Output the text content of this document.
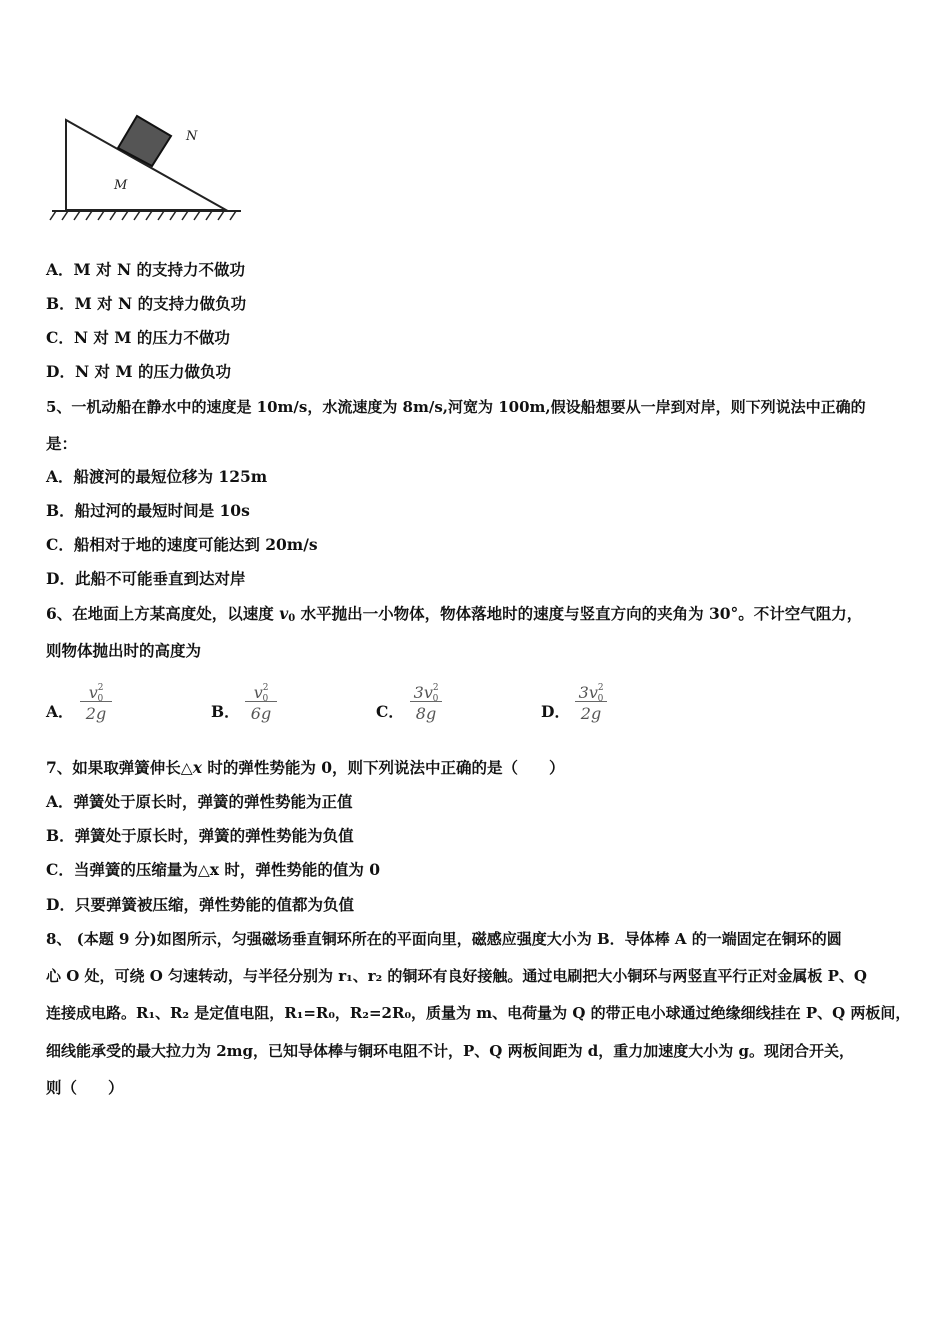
N
M
A．M 对 N 的支持力不做功
B．M 对 N 的支持力做负功
C．N 对 M 的压力不做功
D．N 对 M 的压力做负功
5、一机动船在静水中的速度是 10m/s，水流速度为 8m/s,河宽为 100m,假设船想要从一岸到对岸，则下列说法中正确的
是：
A．船渡河的最短位移为 125m
B．船过河的最短时间是 10s
C．船相对于地的速度可能达到 20m/s
D．此船不可能垂直到达对岸
6、在地面上方某高度处，以速度 $v_0$ 水平抛出一小物体，物体落地时的速度与竖直方向的夹角为 30°。不计空气阻力，
则物体抛出时的高度为
A．
$v^2_0$
2g	B．
$v^2_0$
6g	C．
$3v^2_0$
8g	D．
$3v^2_0$
2g
7、如果取弹簧伸长△x 时的弹性势能为 0，则下列说法中正确的是（　　）
A．弹簧处于原长时，弹簧的弹性势能为正值
B．弹簧处于原长时，弹簧的弹性势能为负值
C．当弹簧的压缩量为△x 时，弹性势能的值为 0
D．只要弹簧被压缩，弹性势能的值都为负值
8、 (本题 9 分)如图所示，匀强磁场垂直铜环所在的平面向里，磁感应强度大小为 B．导体棒 A 的一端固定在铜环的圆
心 O 处，可绕 O 匀速转动，与半径分别为 r₁、r₂ 的铜环有良好接触。通过电刷把大小铜环与两竖直平行正对金属板 P、Q
连接成电路。R₁、R₂ 是定值电阻，R₁=R₀，R₂=2R₀，质量为 m、电荷量为 Q 的带正电小球通过绝缘细线挂在 P、Q 两板间，
细线能承受的最大拉力为 2mg，已知导体棒与铜环电阻不计，P、Q 两板间距为 d，重力加速度大小为 g。现闭合开关，
则（　　）
